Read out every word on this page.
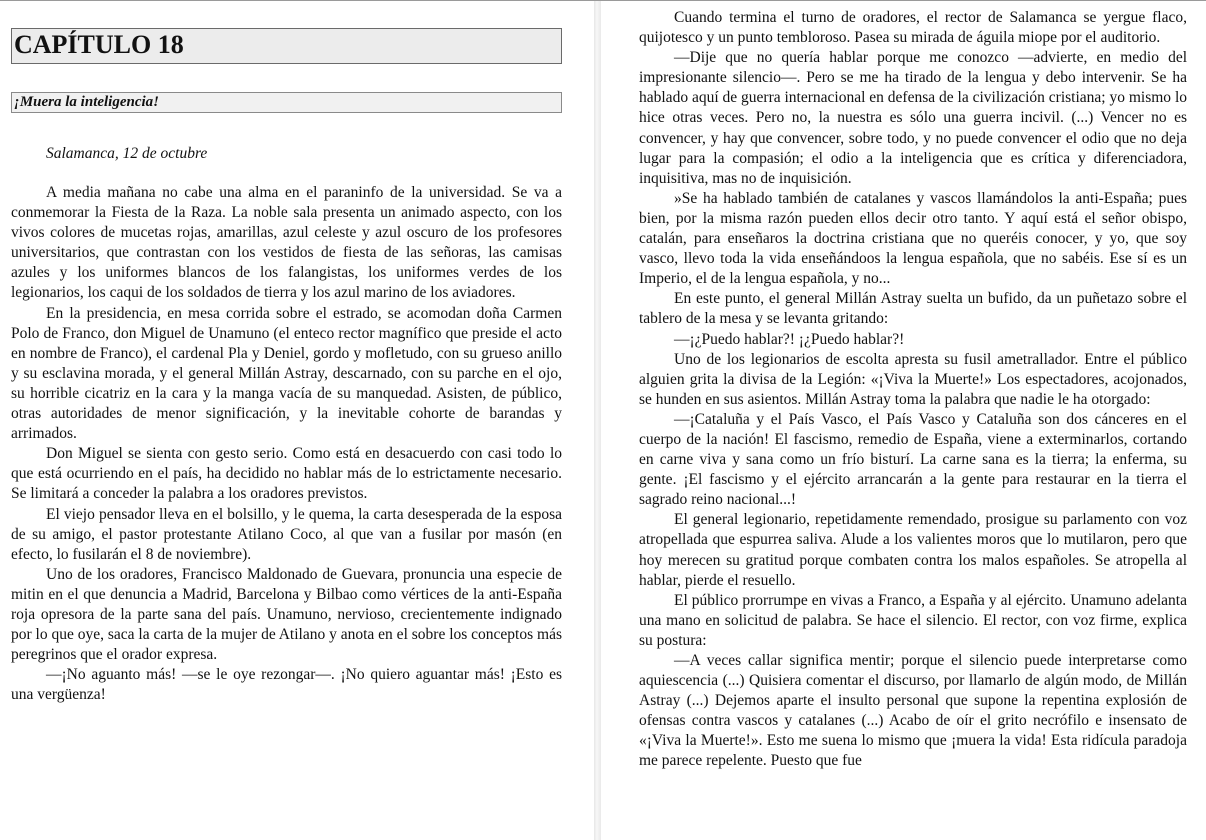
CAPÍTULO 18
¡Muera la inteligencia!
Salamanca, 12 de octubre

A media mañana no cabe una alma en el paraninfo de la universidad. Se va a conmemorar la Fiesta de la Raza. La noble sala presenta un animado aspecto, con los vivos colores de mucetas rojas, amarillas, azul celeste y azul oscuro de los profesores universitarios, que contrastan con los vestidos de fiesta de las señoras, las camisas azules y los uniformes blancos de los falangistas, los uniformes verdes de los legionarios, los caqui de los soldados de tierra y los azul marino de los aviadores.

En la presidencia, en mesa corrida sobre el estrado, se acomodan doña Carmen Polo de Franco, don Miguel de Unamuno (el enteco rector magnífico que preside el acto en nombre de Franco), el cardenal Pla y Deniel, gordo y mofletudo, con su grueso anillo y su esclavina morada, y el general Millán Astray, descarnado, con su parche en el ojo, su horrible cicatriz en la cara y la manga vacía de su manquedad. Asisten, de público, otras autoridades de menor significación, y la inevitable cohorte de barandas y arrimados.

Don Miguel se sienta con gesto serio. Como está en desacuerdo con casi todo lo que está ocurriendo en el país, ha decidido no hablar más de lo estrictamente necesario. Se limitará a conceder la palabra a los oradores previstos.

El viejo pensador lleva en el bolsillo, y le quema, la carta desesperada de la esposa de su amigo, el pastor protestante Atilano Coco, al que van a fusilar por masón (en efecto, lo fusilarán el 8 de noviembre).

Uno de los oradores, Francisco Maldonado de Guevara, pronuncia una especie de mitin en el que denuncia a Madrid, Barcelona y Bilbao como vértices de la anti-España roja opresora de la parte sana del país. Unamuno, nervioso, crecientemente indignado por lo que oye, saca la carta de la mujer de Atilano y anota en el sobre los conceptos más peregrinos que el orador expresa.

—¡No aguanto más! —se le oye rezongar—. ¡No quiero aguantar más! ¡Esto es una vergüenza!

Cuando termina el turno de oradores, el rector de Salamanca se yergue flaco, quijotesco y un punto tembloroso. Pasea su mirada de águila miope por el auditorio.

—Dije que no quería hablar porque me conozco —advierte, en medio del impresionante silencio—. Pero se me ha tirado de la lengua y debo intervenir. Se ha hablado aquí de guerra internacional en defensa de la civilización cristiana; yo mismo lo hice otras veces. Pero no, la nuestra es sólo una guerra incivil. (...) Vencer no es convencer, y hay que convencer, sobre todo, y no puede convencer el odio que no deja lugar para la compasión; el odio a la inteligencia que es crítica y diferenciadora, inquisitiva, mas no de inquisición.

»Se ha hablado también de catalanes y vascos llamándolos la anti-España; pues bien, por la misma razón pueden ellos decir otro tanto. Y aquí está el señor obispo, catalán, para enseñaros la doctrina cristiana que no queréis conocer, y yo, que soy vasco, llevo toda la vida enseñándoos la lengua española, que no sabéis. Ese sí es un Imperio, el de la lengua española, y no...

En este punto, el general Millán Astray suelta un bufido, da un puñetazo sobre el tablero de la mesa y se levanta gritando:

—¡¿Puedo hablar?! ¡¿Puedo hablar?!

Uno de los legionarios de escolta apresta su fusil ametrallador. Entre el público alguien grita la divisa de la Legión: «¡Viva la Muerte!» Los espectadores, acojonados, se hunden en sus asientos. Millán Astray toma la palabra que nadie le ha otorgado:

—¡Cataluña y el País Vasco, el País Vasco y Cataluña son dos cánceres en el cuerpo de la nación! El fascismo, remedio de España, viene a exterminarlos, cortando en carne viva y sana como un frío bisturí. La carne sana es la tierra; la enferma, su gente. ¡El fascismo y el ejército arrancarán a la gente para restaurar en la tierra el sagrado reino nacional...!

El general legionario, repetidamente remendado, prosigue su parlamento con voz atropellada que espurrea saliva. Alude a los valientes moros que lo mutilaron, pero que hoy merecen su gratitud porque combaten contra los malos españoles. Se atropella al hablar, pierde el resuello.

El público prorrumpe en vivas a Franco, a España y al ejército. Unamuno adelanta una mano en solicitud de palabra. Se hace el silencio. El rector, con voz firme, explica su postura:

—A veces callar significa mentir; porque el silencio puede interpretarse como aquiescencia (...) Quisiera comentar el discurso, por llamarlo de algún modo, de Millán Astray (...) Dejemos aparte el insulto personal que supone la repentina explosión de ofensas contra vascos y catalanes (...) Acabo de oír el grito necrófilo e insensato de «¡Viva la Muerte!». Esto me suena lo mismo que ¡muera la vida! Esta ridícula paradoja me parece repelente. Puesto que fue
